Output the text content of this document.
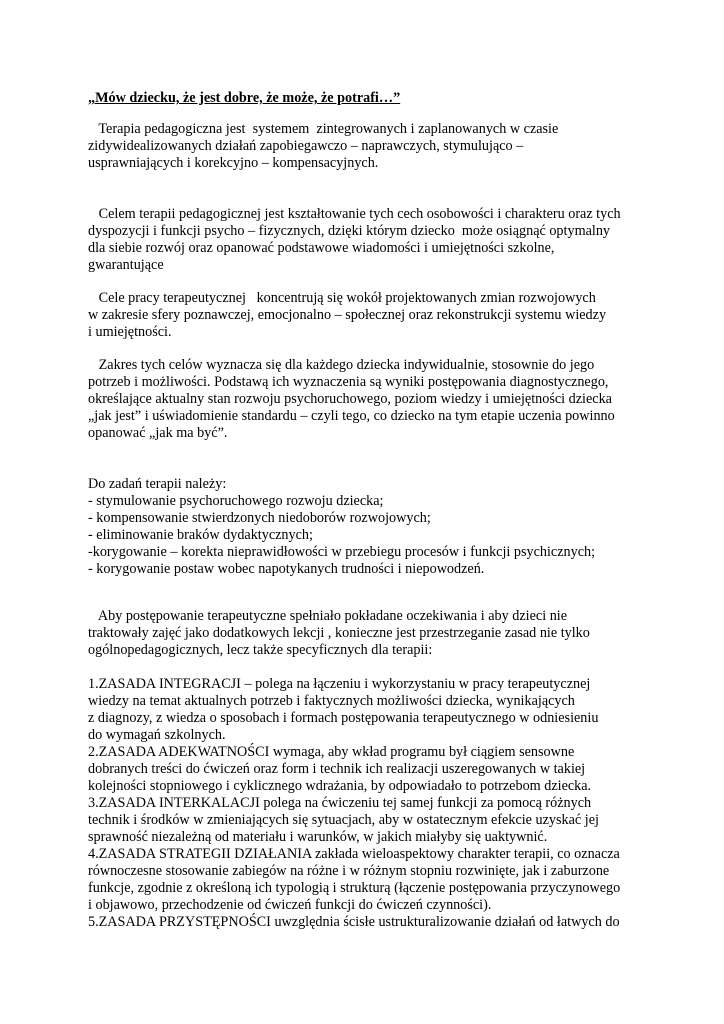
„Mów dziecku, że jest dobre, że może, że potrafi…”

Terapia pedagogiczna jest  systemem  zintegrowanych i zaplanowanych w czasie

zidywidealizowanych działań zapobiegawczo – naprawczych, stymulująco –

usprawniających i korekcyjno – kompensacyjnych.

Celem terapii pedagogicznej jest kształtowanie tych cech osobowości i charakteru oraz tych

dyspozycji i funkcji psycho – fizycznych, dzięki którym dziecko  może osiągnąć optymalny

dla siebie rozwój oraz opanować podstawowe wiadomości i umiejętności szkolne,

gwarantujące

Cele pracy terapeutycznej   koncentrują się wokół projektowanych zmian rozwojowych

w zakresie sfery poznawczej, emocjonalno – społecznej oraz rekonstrukcji systemu wiedzy

i umiejętności.

Zakres tych celów wyznacza się dla każdego dziecka indywidualnie, stosownie do jego

potrzeb i możliwości. Podstawą ich wyznaczenia są wyniki postępowania diagnostycznego,

określające aktualny stan rozwoju psychoruchowego, poziom wiedzy i umiejętności dziecka

„jak jest” i uświadomienie standardu – czyli tego, co dziecko na tym etapie uczenia powinno

opanować „jak ma być”.

Do zadań terapii należy:

- stymulowanie psychoruchowego rozwoju dziecka;

- kompensowanie stwierdzonych niedoborów rozwojowych;

- eliminowanie braków dydaktycznych;

-korygowanie – korekta nieprawidłowości w przebiegu procesów i funkcji psychicznych;

- korygowanie postaw wobec napotykanych trudności i niepowodzeń.

Aby postępowanie terapeutyczne spełniało pokładane oczekiwania i aby dzieci nie

traktowały zajęć jako dodatkowych lekcji , konieczne jest przestrzeganie zasad nie tylko

ogólnopedagogicznych, lecz także specyficznych dla terapii:

1.ZASADA INTEGRACJI – polega na łączeniu i wykorzystaniu w pracy terapeutycznej

wiedzy na temat aktualnych potrzeb i faktycznych możliwości dziecka, wynikających

z diagnozy, z wiedza o sposobach i formach postępowania terapeutycznego w odniesieniu

do wymagań szkolnych.

2.ZASADA ADEKWATNOŚCI wymaga, aby wkład programu był ciągiem sensowne

dobranych treści do ćwiczeń oraz form i technik ich realizacji uszeregowanych w takiej

kolejności stopniowego i cyklicznego wdrażania, by odpowiadało to potrzebom dziecka.

3.ZASADA INTERKALACJI polega na ćwiczeniu tej samej funkcji za pomocą różnych

technik i środków w zmieniających się sytuacjach, aby w ostatecznym efekcie uzyskać jej

sprawność niezależną od materiału i warunków, w jakich miałyby się uaktywnić.

4.ZASADA STRATEGII DZIAŁANIA zakłada wieloaspektowy charakter terapii, co oznacza

równoczesne stosowanie zabiegów na różne i w różnym stopniu rozwinięte, jak i zaburzone

funkcje, zgodnie z określoną ich typologią i strukturą (łączenie postępowania przyczynowego

i objawowo, przechodzenie od ćwiczeń funkcji do ćwiczeń czynności).

5.ZASADA PRZYSTĘPNOŚCI uwzględnia ścisłe ustrukturalizowanie działań od łatwych do
